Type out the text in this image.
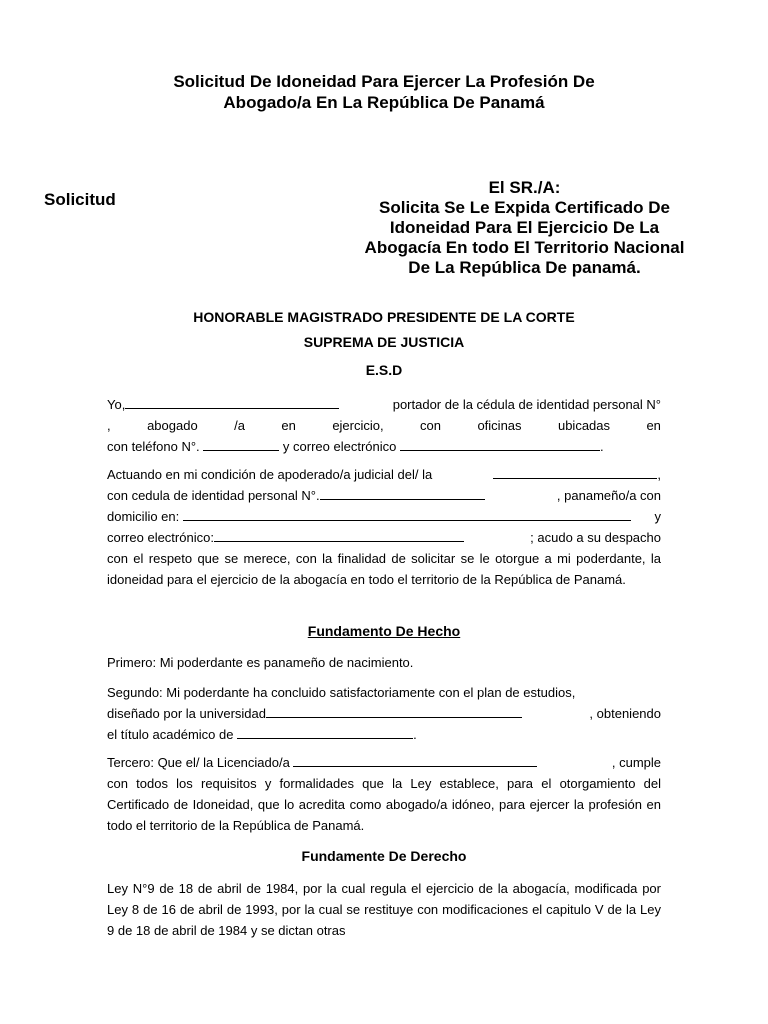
Solicitud De Idoneidad Para Ejercer La Profesión De
Abogado/a En La República De Panamá
Solicitud
El SR./A:
Solicita Se Le Expida Certificado De
Idoneidad Para El Ejercicio De La
Abogacía En todo El Territorio Nacional
De La República De panamá.
HONORABLE MAGISTRADO PRESIDENTE DE LA CORTE
SUPREMA DE JUSTICIA
E.S.D
Yo,	portador de la cédula de identidad personal N°
,	abogado	/a	en	ejercicio,	con	oficinas	ubicadas	en
con teléfono N°.	y correo electrónico	.
Actuando en mi condición de apoderado/a judicial del/ la	,
con cedula de identidad personal N°.	, panameño/a con
domicilio en:	y
correo electrónico:	; acudo a su despacho
con el respeto que se merece, con la finalidad de solicitar se le otorgue a mi poderdante, la idoneidad para el ejercicio de la abogacía en todo el territorio de la República de Panamá.
Fundamento De Hecho
Primero: Mi poderdante es panameño de nacimiento.
Segundo: Mi poderdante ha concluido satisfactoriamente con el plan de estudios,
diseñado por la universidad	, obteniendo
el título académico de	.
Tercero: Que el/ la Licenciado/a	, cumple
con todos los requisitos y formalidades que la Ley establece, para el otorgamiento del Certificado de Idoneidad, que lo acredita como abogado/a idóneo, para ejercer la profesión en todo el territorio de la República de Panamá.
Fundamente De Derecho
Ley N°9 de 18 de abril de 1984, por la cual regula el ejercicio de la abogacía, modificada por Ley 8 de 16 de abril de 1993, por la cual se restituye con modificaciones el capitulo V de la Ley 9 de 18 de abril de 1984 y se dictan otras
